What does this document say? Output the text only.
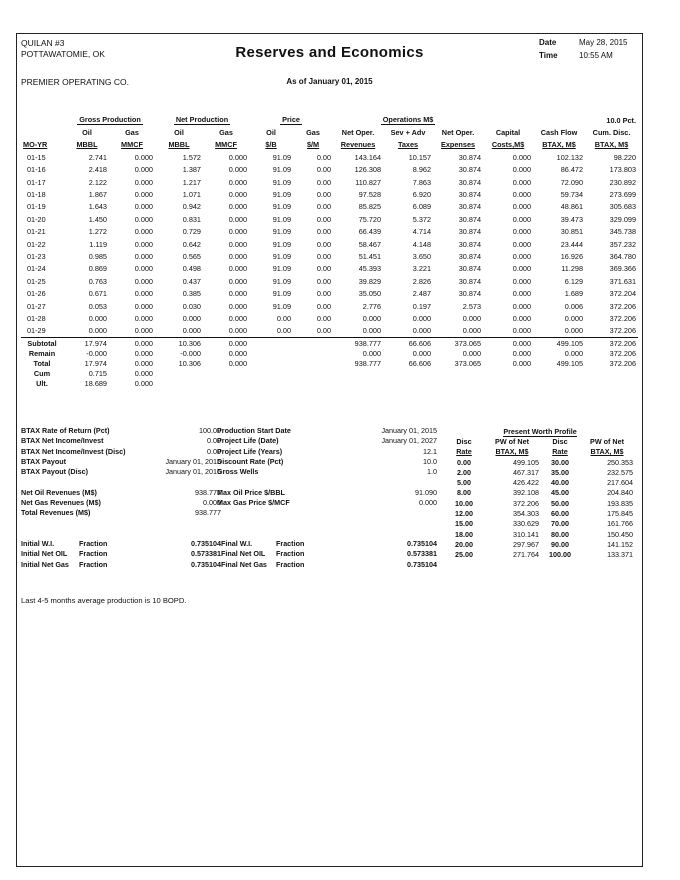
QUILAN #3
POTTAWATOMIE, OK
PREMIER OPERATING CO.
Reserves and Economics
As of January 01, 2015
Date	May 28, 2015
Time	10:55 AM
	Gross Production		Net Production		Price		Operations M$					10.0 Pct.
	Oil	Gas	Oil	Gas	Oil	Gas	Net Oper.	Sev + Adv	Net Oper.	Capital	Cash Flow	Cum. Disc.
MO-YR	MBBL	MMCF	MBBL	MMCF	$/B	$/M	Revenues	Taxes	Expenses	Costs,M$	BTAX, M$	BTAX, M$
01-15	2.741	0.000	1.572	0.000	91.09	0.00	143.164	10.157	30.874	0.000	102.132	98.220
01-16	2.418	0.000	1.387	0.000	91.09	0.00	126.308	8.962	30.874	0.000	86.472	173.803
01-17	2.122	0.000	1.217	0.000	91.09	0.00	110.827	7.863	30.874	0.000	72.090	230.892
01-18	1.867	0.000	1.071	0.000	91.09	0.00	97.528	6.920	30.874	0.000	59.734	273.699
01-19	1.643	0.000	0.942	0.000	91.09	0.00	85.825	6.089	30.874	0.000	48.861	305.683
01-20	1.450	0.000	0.831	0.000	91.09	0.00	75.720	5.372	30.874	0.000	39.473	329.099
01-21	1.272	0.000	0.729	0.000	91.09	0.00	66.439	4.714	30.874	0.000	30.851	345.738
01-22	1.119	0.000	0.642	0.000	91.09	0.00	58.467	4.148	30.874	0.000	23.444	357.232
01-23	0.985	0.000	0.565	0.000	91.09	0.00	51.451	3.650	30.874	0.000	16.926	364.780
01-24	0.869	0.000	0.498	0.000	91.09	0.00	45.393	3.221	30.874	0.000	11.298	369.366
01-25	0.763	0.000	0.437	0.000	91.09	0.00	39.829	2.826	30.874	0.000	6.129	371.631
01-26	0.671	0.000	0.385	0.000	91.09	0.00	35.050	2.487	30.874	0.000	1.689	372.204
01-27	0.053	0.000	0.030	0.000	91.09	0.00	2.776	0.197	2.573	0.000	0.006	372.206
01-28	0.000	0.000	0.000	0.000	0.00	0.00	0.000	0.000	0.000	0.000	0.000	372.206
01-29	0.000	0.000	0.000	0.000	0.00	0.00	0.000	0.000	0.000	0.000	0.000	372.206
Subtotal	17.974	0.000	10.306	0.000			938.777	66.606	373.065	0.000	499.105	372.206
Remain	-0.000	0.000	-0.000	0.000			0.000	0.000	0.000	0.000	0.000	372.206
Total	17.974	0.000	10.306	0.000			938.777	66.606	373.065	0.000	499.105	372.206
Cum	0.715	0.000										
Ult.	18.689	0.000										
BTAX Rate of Return (Pct)	100.00
BTAX Net Income/Invest	0.00
BTAX Net Income/Invest (Disc)	0.00
BTAX Payout	January 01, 2015
BTAX Payout (Disc)	January 01, 2015
Net Oil Revenues (M$)	938.777
Net Gas Revenues (M$)	0.000
Total Revenues (M$)	938.777
Production Start Date	January 01, 2015
Project Life (Date)	January 01, 2027
Project Life (Years)	12.1
Discount Rate (Pct)	10.0
Gross Wells	1.0
Max Oil Price $/BBL	91.090
Max Gas Price $/MCF	0.000
Initial W.I.	Fraction	0.735104 Final W.I.	Fraction	0.735104
Initial Net OIL	Fraction	0.573381 Final Net OIL	Fraction	0.573381
Initial Net Gas	Fraction	0.735104 Final Net Gas	Fraction	0.735104
Present Worth Profile			
Disc	PW of Net	Disc	PW of Net
Rate	BTAX, M$	Rate	BTAX, M$
0.00	499.105	30.00	250.353
2.00	467.317	35.00	232.575
5.00	426.422	40.00	217.604
8.00	392.108	45.00	204.840
10.00	372.206	50.00	193.835
12.00	354.303	60.00	175.845
15.00	330.629	70.00	161.766
18.00	310.141	80.00	150.450
20.00	297.967	90.00	141.152
25.00	271.764	100.00	133.371
Last 4-5 months average production is 10 BOPD.
